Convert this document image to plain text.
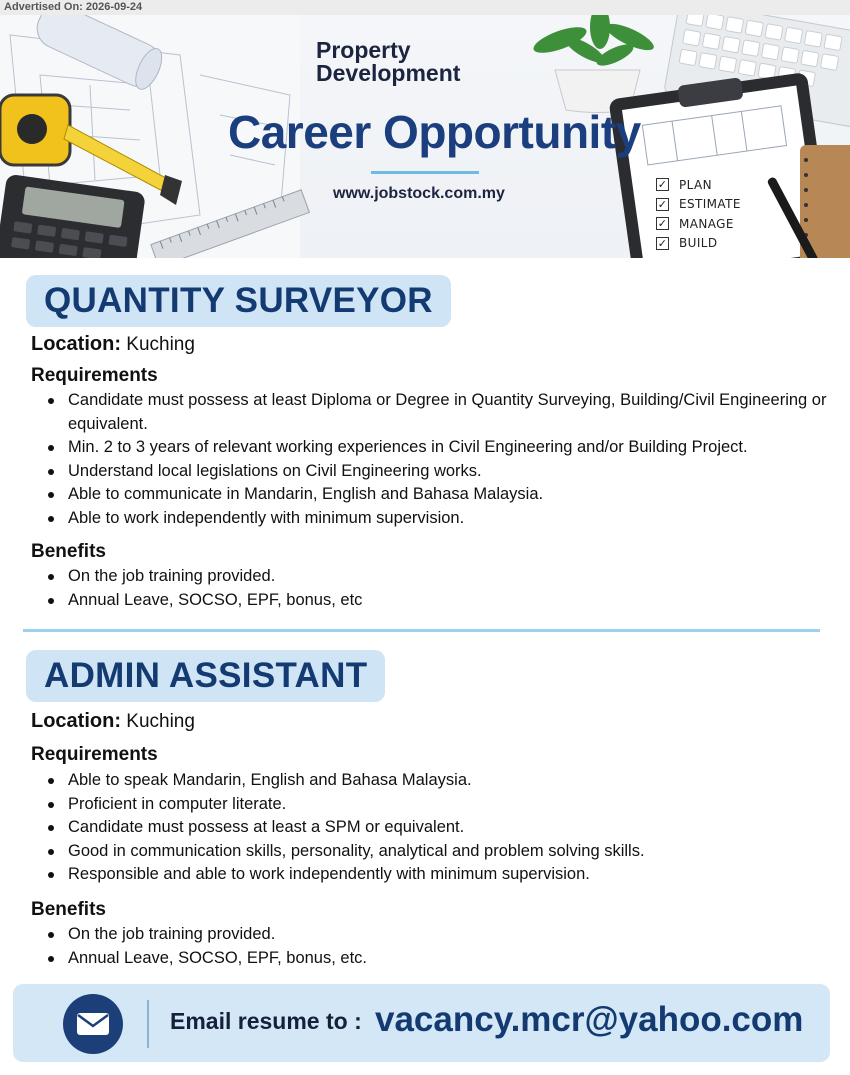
Advertised On: 2026-09-24
Property
Development
Career Opportunity
www.jobstock.com.my
✓ PLAN
✓ ESTIMATE
✓ MANAGE
✓ BUILD
QUANTITY SURVEYOR
Location: Kuching
Requirements
Candidate must possess at least Diploma or Degree in Quantity Surveying, Building/Civil Engineering or equivalent.
Min. 2 to 3 years of relevant working experiences in Civil Engineering and/or Building Project.
Understand local legislations on Civil Engineering works.
Able to communicate in Mandarin, English and Bahasa Malaysia.
Able to work independently with minimum supervision.
Benefits
On the job training provided.
Annual Leave, SOCSO, EPF, bonus, etc
ADMIN ASSISTANT
Location: Kuching
Requirements
Able to speak Mandarin, English and Bahasa Malaysia.
Proficient in computer literate.
Candidate must possess at least a SPM or equivalent.
Good in communication skills, personality, analytical and problem solving skills.
Responsible and able to work independently with minimum supervision.
Benefits
On the job training provided.
Annual Leave, SOCSO, EPF, bonus, etc.
Email resume to : vacancy.mcr@yahoo.com
